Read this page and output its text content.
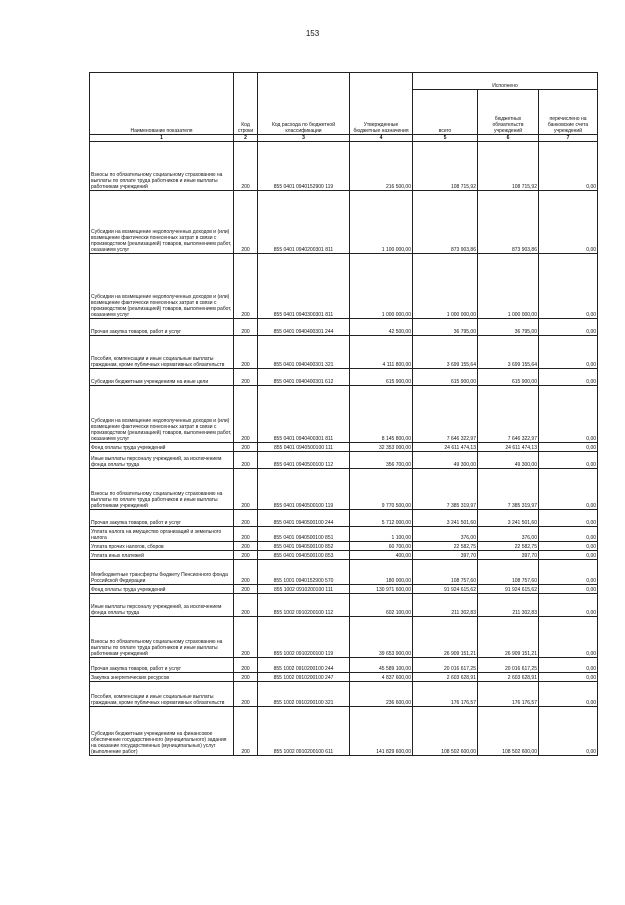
153
Наименование показателя	Код строки	Код расхода по бюджетной классификации	Утвержденные бюджетные назначения	Исполнено		
				всего	бюджетных обязательств учреждений	перечислено на банковские счета учреждений
1	2	3	4	5	6	7
Взносы по обязательному социальному страхованию на выплаты по оплате труда работников и иные выплаты работникам учреждений	200	855 0401 0940152900 119	216 500,00	108 715,92	108 715,92	0,00
Субсидии на возмещение недополученных доходов и (или) возмещение фактически понесенных затрат в связи с производством (реализацией) товаров, выполнением работ, оказанием услуг	200	855 0401 0940200301 811	1 100 000,00	873 903,86	873 903,86	0,00
Субсидии на возмещение недополученных доходов и (или) возмещение фактически понесенных затрат в связи с производством (реализацией) товаров, выполнением работ, оказанием услуг	200	855 0401 0940300301 811	1 000 000,00	1 000 000,00	1 000 000,00	0,00
Прочая закупка товаров, работ и услуг	200	855 0401 0940400301 244	42 500,00	36 795,00	36 795,00	0,00
Пособия, компенсации и иные социальные выплаты гражданам, кроме публичных нормативных обязательств	200	855 0401 0940400301 321	4 111 800,00	3 699 155,64	3 699 155,64	0,00
Субсидии бюджетным учреждениям на иные цели	200	855 0401 0940400301 612	615 900,00	615 900,00	615 900,00	0,00
Субсидии на возмещение недополученных доходов и (или) возмещение фактически понесенных затрат в связи с производством (реализацией) товаров, выполнением работ, оказанием услуг	200	855 0401 0940400301 811	8 145 800,00	7 646 322,97	7 646 322,97	0,00
Фонд оплаты труда учреждений	200	855 0401 0940500100 111	32 353 000,00	24 611 474,13	24 611 474,13	0,00
Иные выплаты персоналу учреждений, за исключением фонда оплаты труда	200	855 0401 0940500100 112	356 700,00	49 300,00	49 300,00	0,00
Взносы по обязательному социальному страхованию на выплаты по оплате труда работников и иные выплаты работникам учреждений	200	855 0401 0940500100 119	9 770 500,00	7 385 319,97	7 385 319,97	0,00
Прочая закупка товаров, работ и услуг	200	855 0401 0940500100 244	5 712 000,00	3 241 501,60	3 241 501,60	0,00
Уплата налога на имущество организаций и земельного налога	200	855 0401 0940500100 851	1 100,00	376,00	376,00	0,00
Уплата прочих налогов, сборов	200	855 0401 0940500100 852	60 700,00	22 582,75	22 582,75	0,00
Уплата иных платежей	200	855 0401 0940500100 853	400,00	397,70	397,70	0,00
Межбюджетные трансферты бюджету Пенсионного фонда Российской Федерации	200	855 1001 0940152900 570	180 000,00	108 757,60	108 757,60	0,00
Фонд оплаты труда учреждений	200	855 1002 0910200100 111	130 971 600,00	91 924 615,62	91 924 615,62	0,00
Иные выплаты персоналу учреждений, за исключением фонда оплаты труда	200	855 1002 0910200100 112	602 100,00	211 302,83	211 302,83	0,00
Взносы по обязательному социальному страхованию на выплаты по оплате труда работников и иные выплаты работникам учреждений	200	855 1002 0910200100 119	39 653 900,00	26 909 151,21	26 909 151,21	0,00
Прочая закупка товаров, работ и услуг	200	855 1002 0910200100 244	45 589 100,00	20 016 617,25	20 016 617,25	0,00
Закупка энергетических ресурсов	200	855 1002 0910200100 247	4 837 600,00	2 603 628,91	2 603 628,91	0,00
Пособия, компенсации и иные социальные выплаты гражданам, кроме публичных нормативных обязательств	200	855 1002 0910200100 321	236 600,00	176 176,57	176 176,57	0,00
Субсидии бюджетным учреждениям на финансовое обеспечение государственного (муниципального) задания на оказание государственных (муниципальных) услуг (выполнение работ)	200	855 1002 0910200100 611	141 829 600,00	108 502 600,00	108 502 600,00	0,00
